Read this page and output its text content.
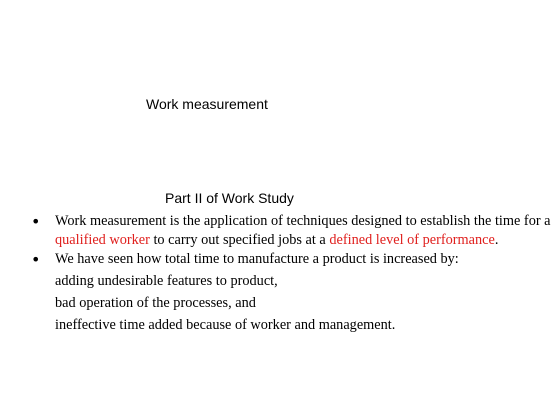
Work measurement
Part II of Work Study
• Work measurement is the application of techniques designed to establish the time for a qualified worker to carry out specified jobs at a defined level of performance.
• We have seen how total time to manufacture a product is increased by:
adding undesirable features to product,
bad operation of the processes, and
ineffective time added because of worker and management.
